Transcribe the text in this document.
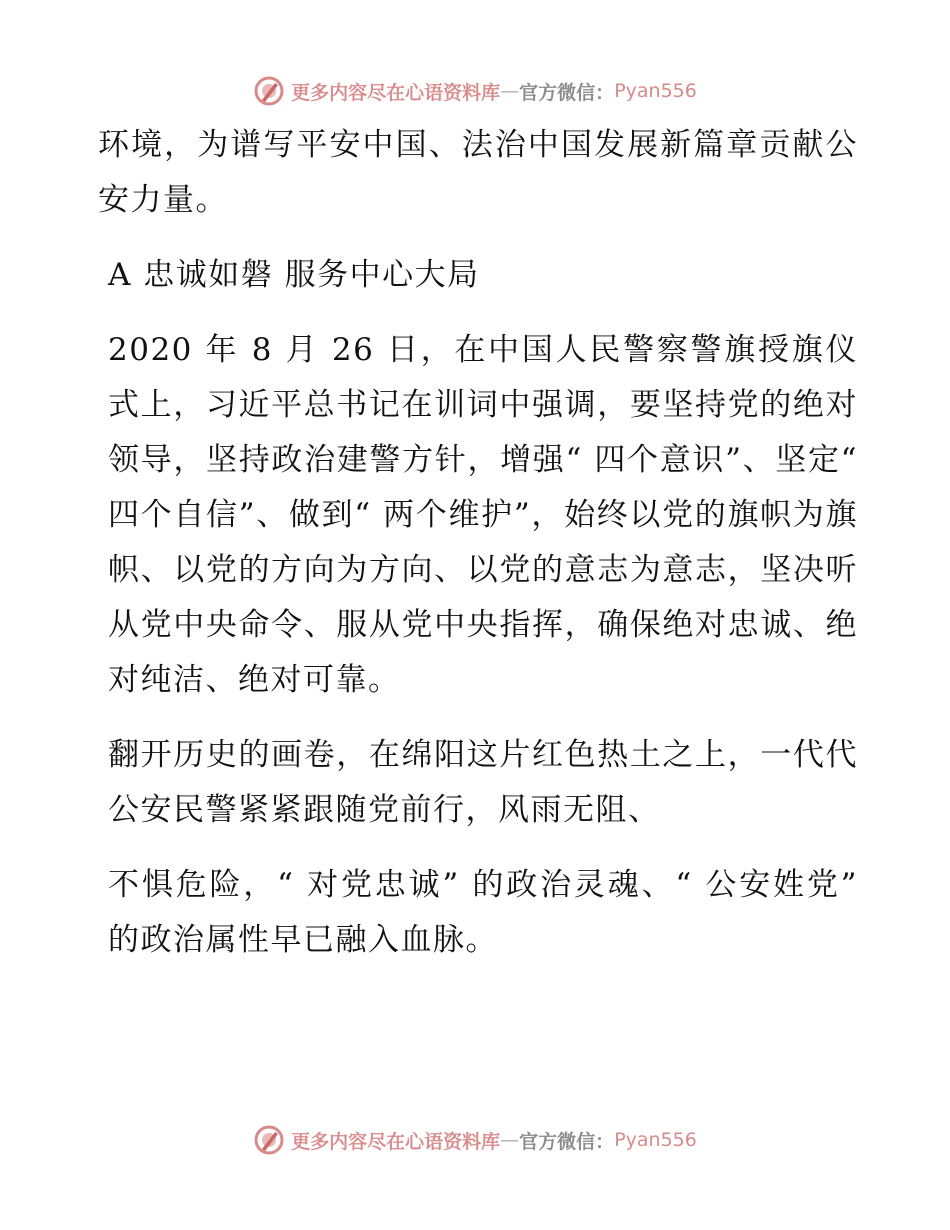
更多内容尽在心语资料库 — 官方微信： Pyan556

环境，为谱写平安中国、法治中国发展新篇章贡献公安力量。

A 忠诚如磐 服务中心大局

2020 年 8 月 26 日，在中国人民警察警旗授旗仪式上，习近平总书记在训词中强调，要坚持党的绝对领导，坚持政治建警方针，增强“ 四个意识”、坚定“ 四个自信”、做到“ 两个维护”，始终以党的旗帜为旗帜、以党的方向为方向、以党的意志为意志，坚决听从党中央命令、服从党中央指挥，确保绝对忠诚、绝对纯洁、绝对可靠。

翻开历史的画卷，在绵阳这片红色热土之上，一代代公安民警紧紧跟随党前行，风雨无阻、

不惧危险，“ 对党忠诚” 的政治灵魂、“ 公安姓党” 的政治属性早已融入血脉。

更多内容尽在心语资料库 — 官方微信： Pyan556
